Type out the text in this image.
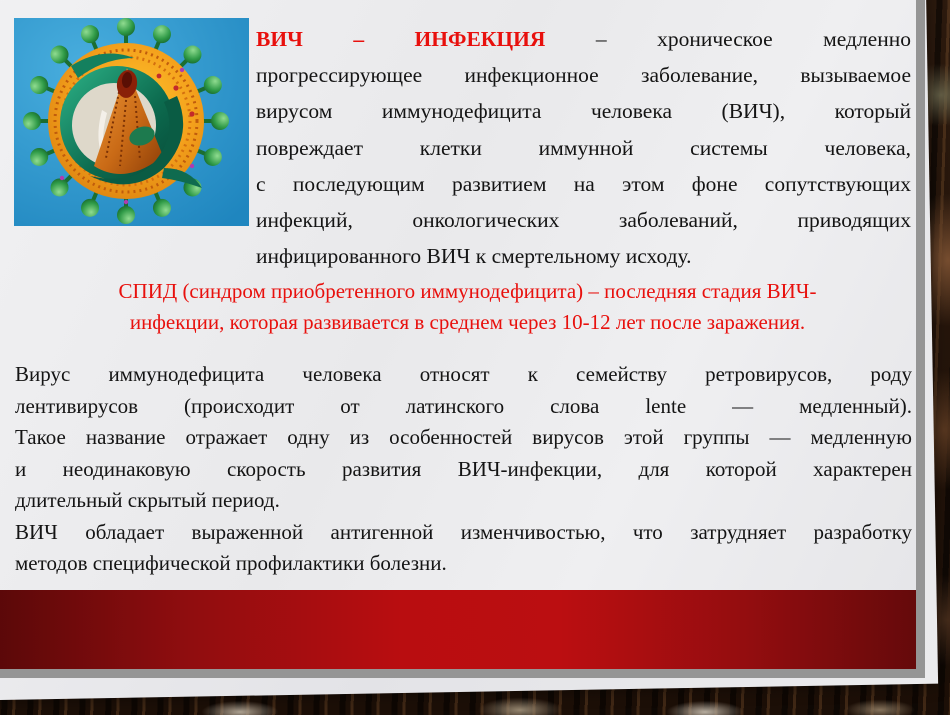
ВИЧ – ИНФЕКЦИЯ – хроническое медленно
прогрессирующее инфекционное заболевание, вызываемое
вирусом иммунодефицита человека (ВИЧ), который
повреждает клетки иммунной системы человека,
с последующим развитием на этом фоне сопутствующих
инфекций, онкологических заболеваний, приводящих
инфицированного ВИЧ к смертельному исходу.
СПИД (синдром приобретенного иммунодефицита) – последняя стадия ВИЧ-
инфекции, которая развивается в среднем через 10-12 лет после заражения.
Вирус иммунодефицита человека относят к семейству ретровирусов, роду
лентивирусов (происходит от латинского слова lente — медленный).
Такое название отражает одну из особенностей вирусов этой группы — медленную
и неодинаковую скорость развития ВИЧ-инфекции, для которой характерен
длительный скрытый период.
ВИЧ обладает выраженной антигенной изменчивостью, что затрудняет разработку
методов специфической профилактики болезни.
